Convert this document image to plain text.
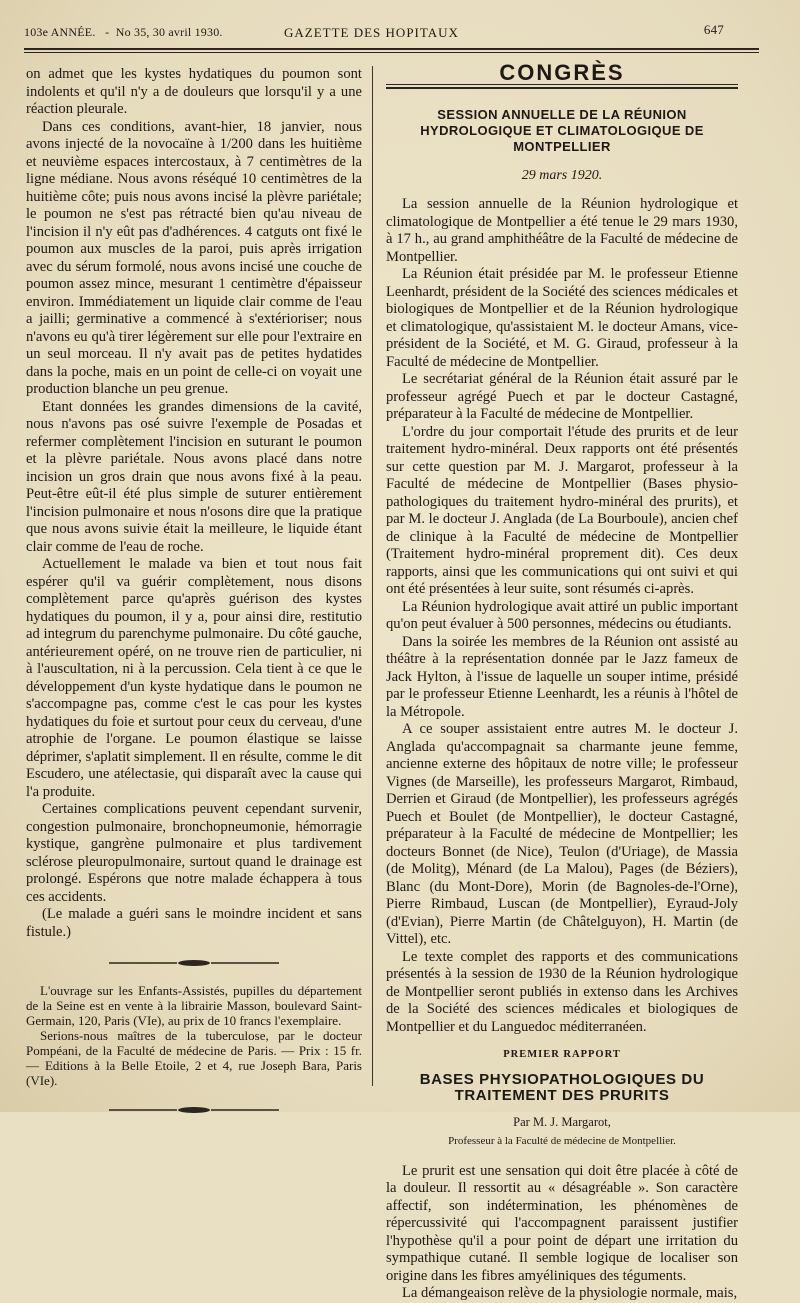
103e ANNÉE.   -  No 35, 30 avril 1930.	GAZETTE DES HOPITAUX	647

on admet que les kystes hydatiques du poumon sont indolents et qu'il n'y a de douleurs que lorsqu'il y a une réaction pleurale.

Dans ces conditions, avant-hier, 18 janvier, nous avons injecté de la novocaïne à 1/200 dans les huitième et neuvième espaces intercostaux, à 7 centimètres de la ligne médiane. Nous avons réséqué 10 centimètres de la huitième côte; puis nous avons incisé la plèvre pariétale; le poumon ne s'est pas rétracté bien qu'au niveau de l'incision il n'y eût pas d'adhérences. 4 catguts ont fixé le poumon aux muscles de la paroi, puis après irrigation avec du sérum formolé, nous avons incisé une couche de poumon assez mince, mesurant 1 centimètre d'épaisseur environ. Immédiatement un liquide clair comme de l'eau a jailli; germinative a commencé à s'extérioriser; nous n'avons eu qu'à tirer légèrement sur elle pour l'extraire en un seul morceau. Il n'y avait pas de petites hydatides dans la poche, mais en un point de celle-ci on voyait une production blanche un peu grenue.

Etant données les grandes dimensions de la cavité, nous n'avons pas osé suivre l'exemple de Posadas et refermer complètement l'incision en suturant le poumon et la plèvre pariétale. Nous avons placé dans notre incision un gros drain que nous avons fixé à la peau. Peut-être eût-il été plus simple de suturer entièrement l'incision pulmonaire et nous n'osons dire que la pratique que nous avons suivie était la meilleure, le liquide étant clair comme de l'eau de roche.

Actuellement le malade va bien et tout nous fait espérer qu'il va guérir complètement, nous disons complètement parce qu'après guérison des kystes hydatiques du poumon, il y a, pour ainsi dire, restitutio ad integrum du parenchyme pulmonaire. Du côté gauche, antérieurement opéré, on ne trouve rien de particulier, ni à l'auscultation, ni à la percussion. Cela tient à ce que le développement d'un kyste hydatique dans le poumon ne s'accompagne pas, comme c'est le cas pour les kystes hydatiques du foie et surtout pour ceux du cerveau, d'une atrophie de l'organe. Le poumon élastique se laisse déprimer, s'aplatit simplement. Il en résulte, comme le dit Escudero, une atélectasie, qui disparaît avec la cause qui l'a produite.

Certaines complications peuvent cependant survenir, congestion pulmonaire, bronchopneumonie, hémorragie kystique, gangrène pulmonaire et plus tardivement sclérose pleuropulmonaire, surtout quand le drainage est prolongé. Espérons que notre malade échappera à tous ces accidents.

(Le malade a guéri sans le moindre incident et sans fistule.)

L'ouvrage sur les Enfants-Assistés, pupilles du département de la Seine est en vente à la librairie Masson, boulevard Saint-Germain, 120, Paris (VIe), au prix de 10 francs l'exemplaire.

Serions-nous maîtres de la tuberculose, par le docteur Pompéani, de la Faculté de médecine de Paris. — Prix : 15 fr. — Editions à la Belle Etoile, 2 et 4, rue Joseph Bara, Paris (VIe).

CONGRÈS
SESSION ANNUELLE DE LA RÉUNION HYDROLOGIQUE ET CLIMATOLOGIQUE DE MONTPELLIER
29 mars 1920.

La session annuelle de la Réunion hydrologique et climatologique de Montpellier a été tenue le 29 mars 1930, à 17 h., au grand amphithéâtre de la Faculté de médecine de Montpellier.

La Réunion était présidée par M. le professeur Etienne Leenhardt, président de la Société des sciences médicales et biologiques de Montpellier et de la Réunion hydrologique et climatologique, qu'assistaient M. le docteur Amans, vice-président de la Société, et M. G. Giraud, professeur à la Faculté de médecine de Montpellier.

Le secrétariat général de la Réunion était assuré par le professeur agrégé Puech et par le docteur Castagné, préparateur à la Faculté de médecine de Montpellier.

L'ordre du jour comportait l'étude des prurits et de leur traitement hydro-minéral. Deux rapports ont été présentés sur cette question par M. J. Margarot, professeur à la Faculté de médecine de Montpellier (Bases physio-pathologiques du traitement hydro-minéral des prurits), et par M. le docteur J. Anglada (de La Bourboule), ancien chef de clinique à la Faculté de médecine de Montpellier (Traitement hydro-minéral proprement dit). Ces deux rapports, ainsi que les communications qui ont suivi et qui ont été présentées à leur suite, sont résumés ci-après.

La Réunion hydrologique avait attiré un public important qu'on peut évaluer à 500 personnes, médecins ou étudiants.

Dans la soirée les membres de la Réunion ont assisté au théâtre à la représentation donnée par le Jazz fameux de Jack Hylton, à l'issue de laquelle un souper intime, présidé par le professeur Etienne Leenhardt, les a réunis à l'hôtel de la Métropole.

A ce souper assistaient entre autres M. le docteur J. Anglada qu'accompagnait sa charmante jeune femme, ancienne externe des hôpitaux de notre ville; le professeur Vignes (de Marseille), les professeurs Margarot, Rimbaud, Derrien et Giraud (de Montpellier), les professeurs agrégés Puech et Boulet (de Montpellier), le docteur Castagné, préparateur à la Faculté de médecine de Montpellier; les docteurs Bonnet (de Nice), Teulon (d'Uriage), de Massia (de Molitg), Ménard (de La Malou), Pages (de Béziers), Blanc (du Mont-Dore), Morin (de Bagnoles-de-l'Orne), Pierre Rimbaud, Luscan (de Montpellier), Eyraud-Joly (d'Evian), Pierre Martin (de Châtelguyon), H. Martin (de Vittel), etc.

Le texte complet des rapports et des communications présentés à la session de 1930 de la Réunion hydrologique de Montpellier seront publiés in extenso dans les Archives de la Société des sciences médicales et biologiques de Montpellier et du Languedoc méditerranéen.

PREMIER RAPPORT
BASES PHYSIOPATHOLOGIQUES DU TRAITEMENT DES PRURITS
Par M. J. Margarot,
Professeur à la Faculté de médecine de Montpellier.

Le prurit est une sensation qui doit être placée à côté de la douleur. Il ressortit au « désagréable ». Son caractère affectif, son indétermination, les phénomènes de répercussivité qui l'accompagnent paraissent justifier l'hypothèse qu'il a pour point de départ une irritation du sympathique cutané. Il semble logique de localiser son origine dans les fibres amyéliniques des téguments.

La démangeaison relève de la physiologie normale, mais,
